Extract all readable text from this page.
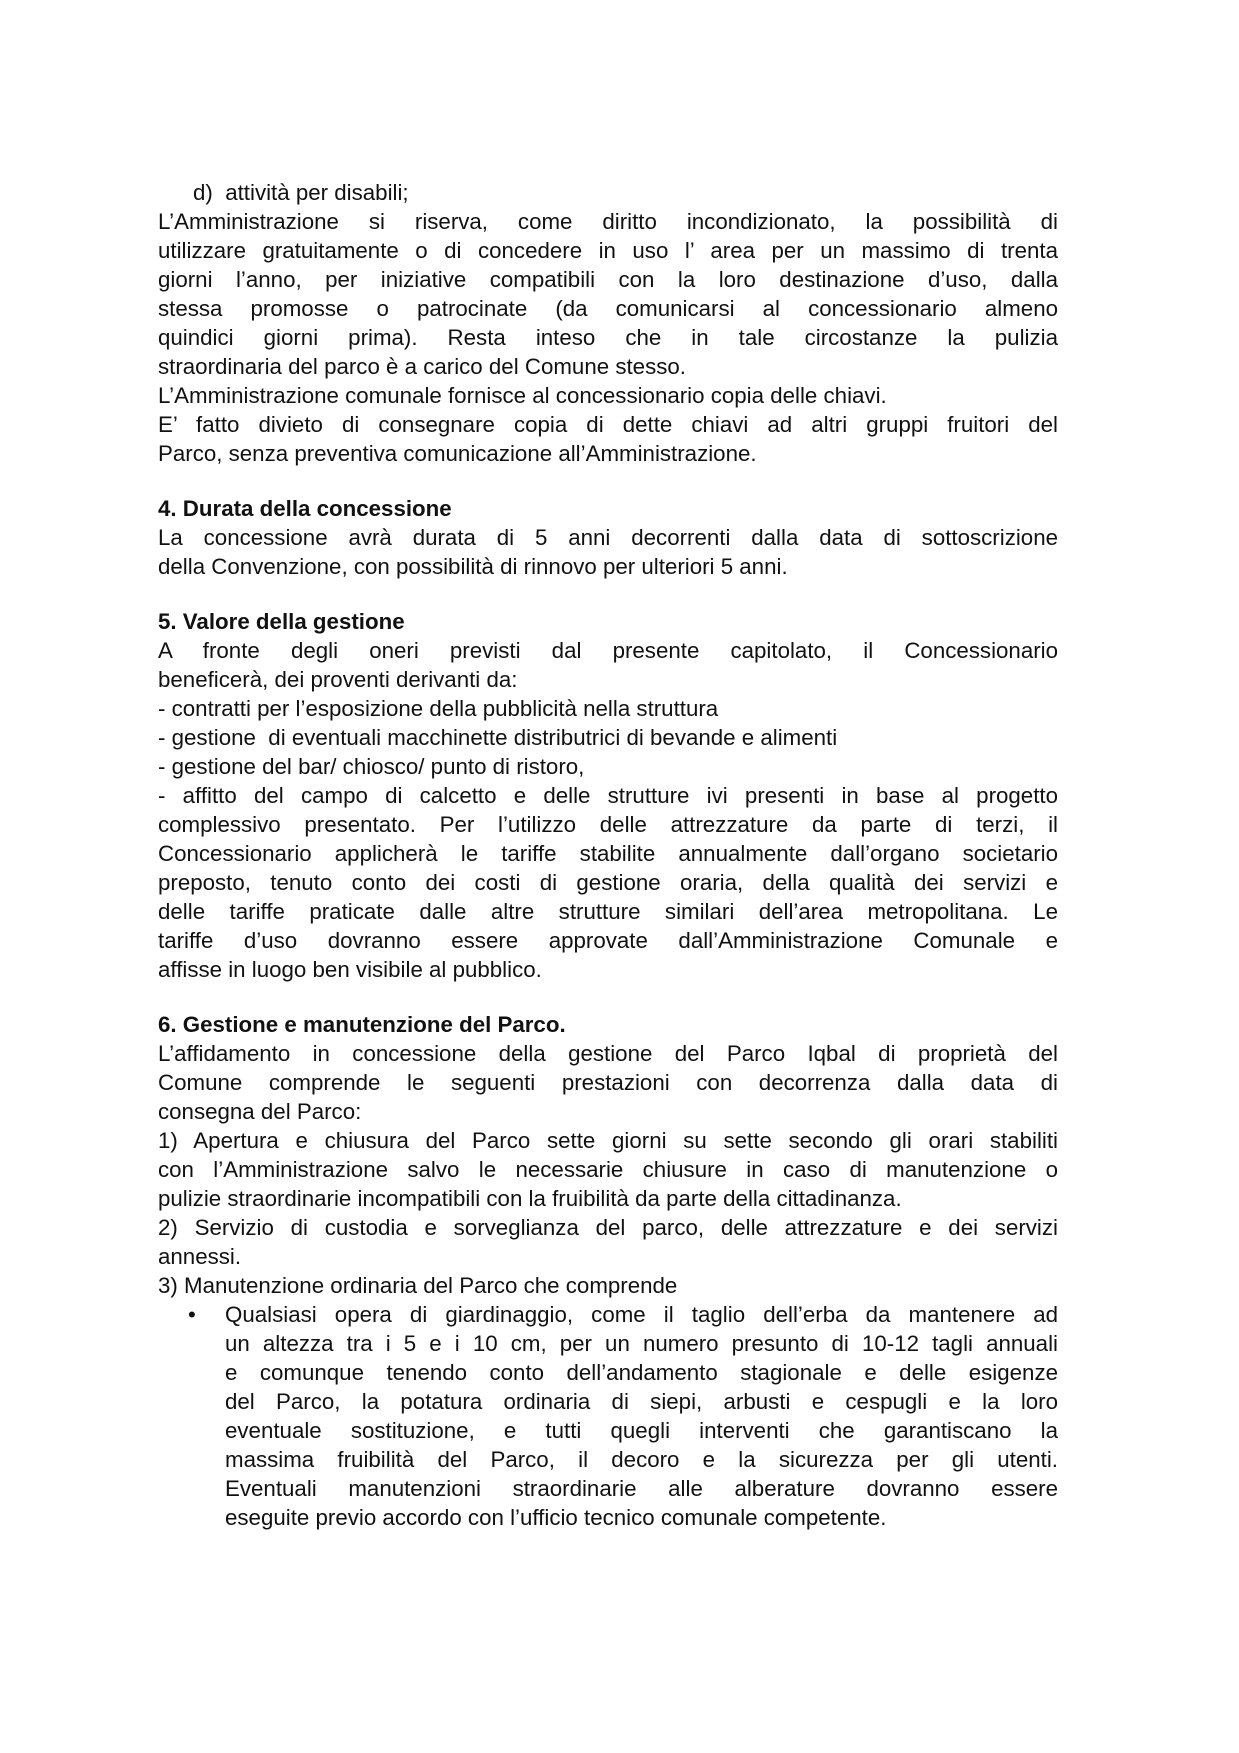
d)  attività per disabili;
L’Amministrazione si riserva, come diritto incondizionato, la possibilità di
utilizzare gratuitamente o di concedere in uso l’ area per un massimo di trenta
giorni l’anno, per iniziative compatibili con la loro destinazione d’uso, dalla
stessa promosse o patrocinate (da comunicarsi al concessionario almeno
quindici giorni prima). Resta inteso che in tale circostanze la pulizia
straordinaria del parco è a carico del Comune stesso.
L’Amministrazione comunale fornisce al concessionario copia delle chiavi.
E’ fatto divieto di consegnare copia di dette chiavi ad altri gruppi fruitori del
Parco, senza preventiva comunicazione all’Amministrazione.
4. Durata della concessione
La concessione avrà durata di 5 anni decorrenti dalla data di sottoscrizione
della Convenzione, con possibilità di rinnovo per ulteriori 5 anni.
5. Valore della gestione
A fronte degli oneri previsti dal presente capitolato, il Concessionario
beneficerà, dei proventi derivanti da:
- contratti per l’esposizione della pubblicità nella struttura
- gestione  di eventuali macchinette distributrici di bevande e alimenti
- gestione del bar/ chiosco/ punto di ristoro,
- affitto del campo di calcetto e delle strutture ivi presenti in base al progetto
complessivo presentato. Per l’utilizzo delle attrezzature da parte di terzi, il
Concessionario applicherà le tariffe stabilite annualmente dall’organo societario
preposto, tenuto conto dei costi di gestione oraria, della qualità dei servizi e
delle tariffe praticate dalle altre strutture similari dell’area metropolitana. Le
tariffe d’uso dovranno essere approvate dall’Amministrazione Comunale e
affisse in luogo ben visibile al pubblico.
6. Gestione e manutenzione del Parco.
L’affidamento in concessione della gestione del Parco Iqbal di proprietà del
Comune comprende le seguenti prestazioni con decorrenza dalla data di
consegna del Parco:
1) Apertura e chiusura del Parco sette giorni su sette secondo gli orari stabiliti
con l’Amministrazione salvo le necessarie chiusure in caso di manutenzione o
pulizie straordinarie incompatibili con la fruibilità da parte della cittadinanza.
2) Servizio di custodia e sorveglianza del parco, delle attrezzature e dei servizi
annessi.
3) Manutenzione ordinaria del Parco che comprende
• Qualsiasi opera di giardinaggio, come il taglio dell’erba da mantenere ad
un altezza tra i 5 e i 10 cm, per un numero presunto di 10-12 tagli annuali
e comunque tenendo conto dell’andamento stagionale e delle esigenze
del Parco, la potatura ordinaria di siepi, arbusti e cespugli e la loro
eventuale sostituzione, e tutti quegli interventi che garantiscano la
massima fruibilità del Parco, il decoro e la sicurezza per gli utenti.
Eventuali manutenzioni straordinarie alle alberature dovranno essere
eseguite previo accordo con l’ufficio tecnico comunale competente.
